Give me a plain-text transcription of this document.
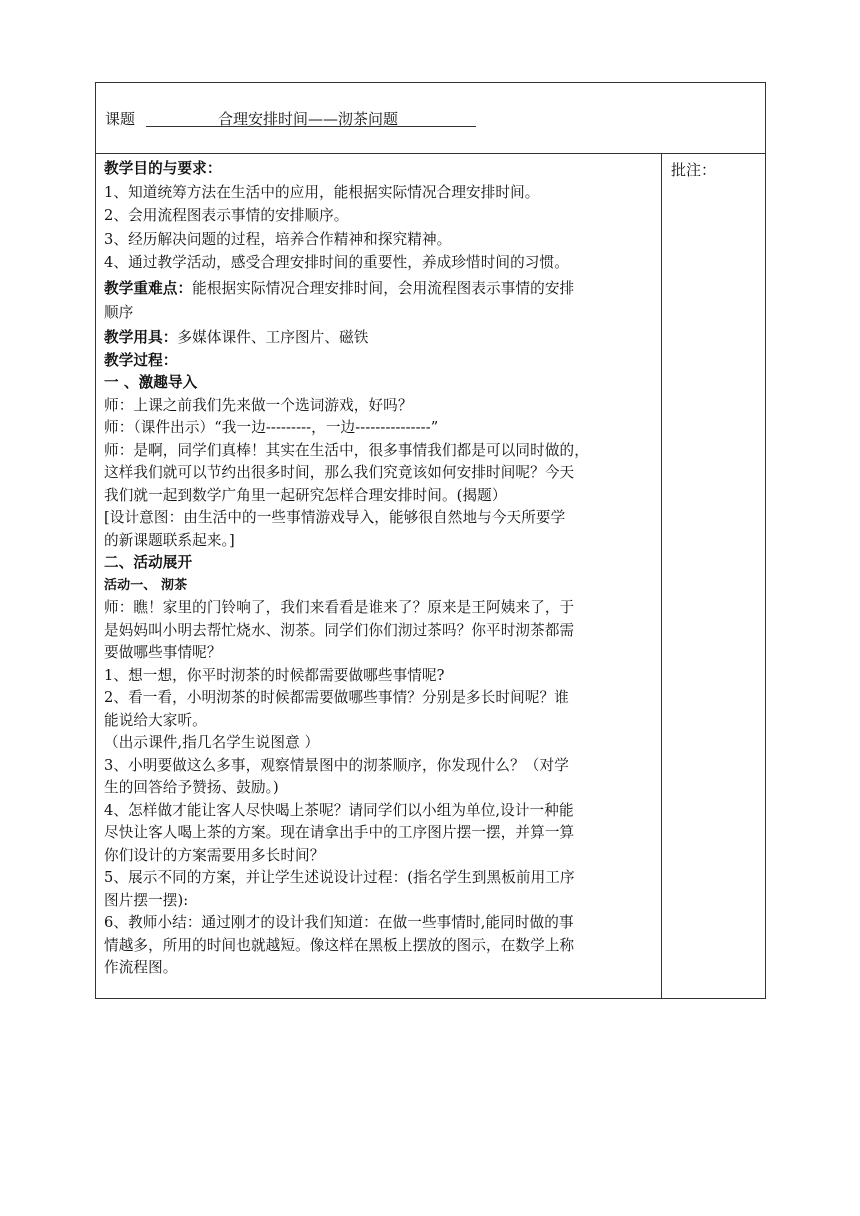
课题	合理安排时间——沏茶问题
教学目的与要求：
1、知道统筹方法在生活中的应用，能根据实际情况合理安排时间。
2、会用流程图表示事情的安排顺序。
3、经历解决问题的过程，培养合作精神和探究精神。
4、通过教学活动，感受合理安排时间的重要性，养成珍惜时间的习惯。
教学重难点：能根据实际情况合理安排时间，会用流程图表示事情的安排
顺序
教学用具：多媒体课件、工序图片、磁铁
教学过程：
一 、激趣导入
师：上课之前我们先来做一个选词游戏，好吗？
师：（课件出示）“我一边---------，一边---------------”
师：是啊，同学们真棒！其实在生活中，很多事情我们都是可以同时做的，
这样我们就可以节约出很多时间，那么我们究竟该如何安排时间呢？今天
我们就一起到数学广角里一起研究怎样合理安排时间。(揭题）
[设计意图：由生活中的一些事情游戏导入，能够很自然地与今天所要学
的新课题联系起来。]
二、活动展开
活动一、 沏茶
师：瞧！家里的门铃响了，我们来看看是谁来了？原来是王阿姨来了，于
是妈妈叫小明去帮忙烧水、沏茶。同学们你们沏过茶吗？你平时沏茶都需
要做哪些事情呢？
1、想一想，你平时沏茶的时候都需要做哪些事情呢?
2、看一看，小明沏茶的时候都需要做哪些事情？分别是多长时间呢？谁
能说给大家听。
（出示课件,指几名学生说图意 ）
3、小明要做这么多事，观察情景图中的沏茶顺序，你发现什么？（对学
生的回答给予赞扬、鼓励。)
4、怎样做才能让客人尽快喝上茶呢？请同学们以小组为单位,设计一种能
尽快让客人喝上茶的方案。现在请拿出手中的工序图片摆一摆，并算一算
你们设计的方案需要用多长时间？
5、展示不同的方案，并让学生述说设计过程：(指名学生到黑板前用工序
图片摆一摆):
6、教师小结：通过刚才的设计我们知道：在做一些事情时,能同时做的事
情越多，所用的时间也就越短。像这样在黑板上摆放的图示，在数学上称
作流程图。
批注：
